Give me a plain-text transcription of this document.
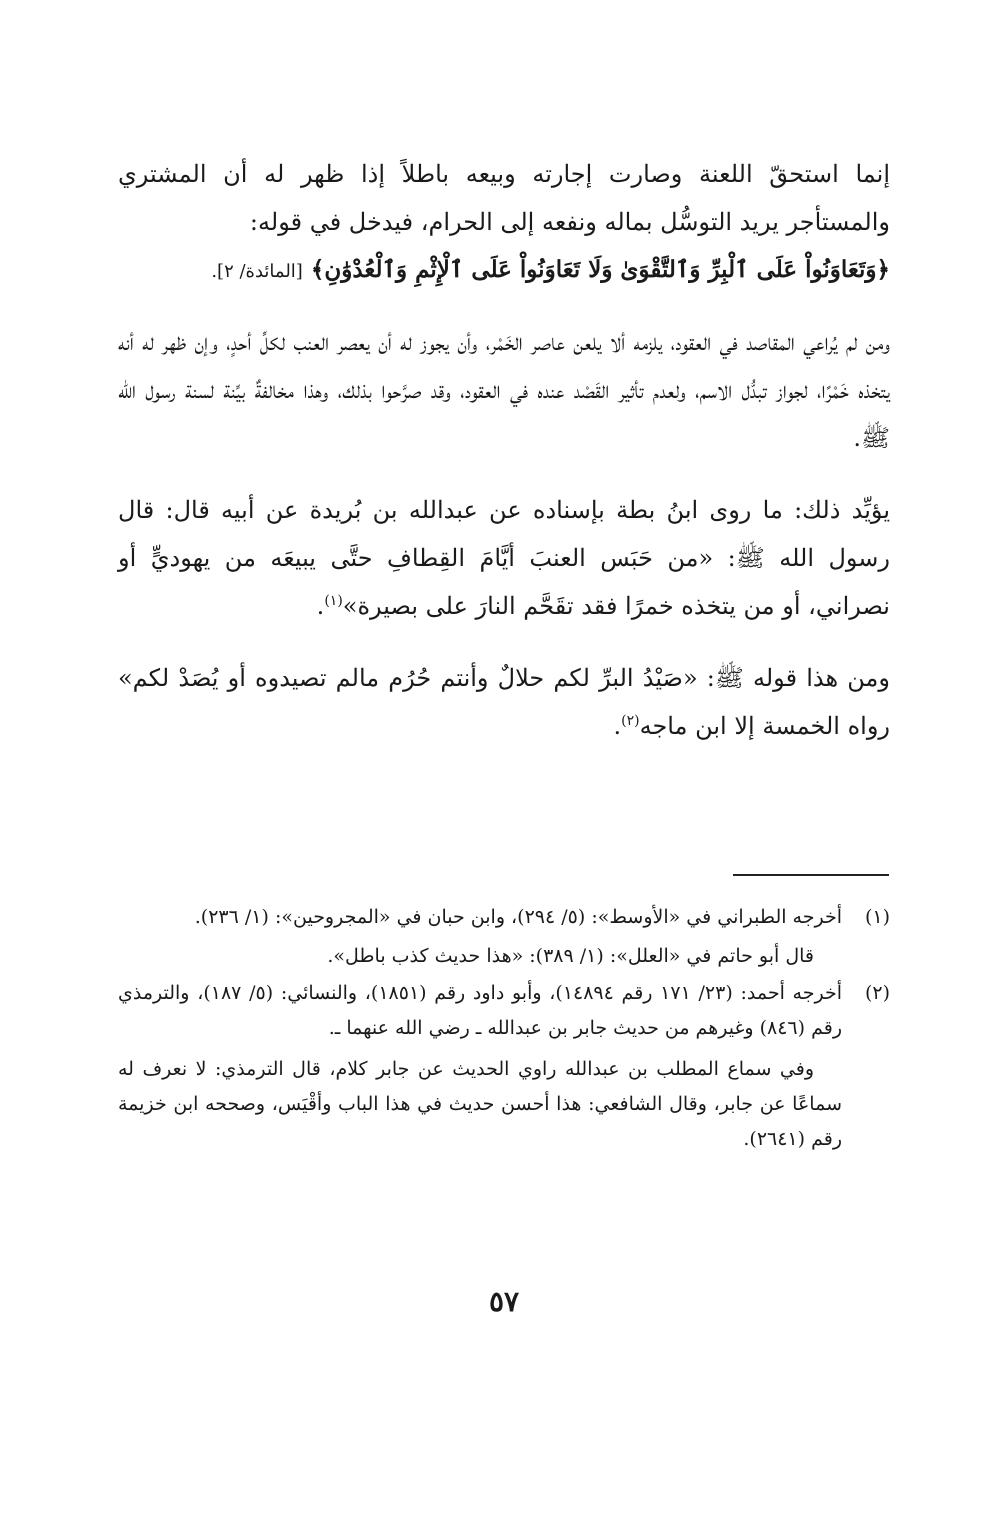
إنما استحقّ اللعنة وصارت إجارته وبيعه باطلاً إذا ظهر له أن المشتري والمستأجر يريد التوسُّل بماله ونفعه إلى الحرام، فيدخل في قوله:
﴿وَتَعَاوَنُواْ عَلَى ٱلْبِرِّ وَٱلتَّقْوَىٰ وَلَا تَعَاوَنُواْ عَلَى ٱلْإِثْمِ وَٱلْعُدْوَٰنِ﴾ [المائدة/ ٢].

ومن لم يُراعي المقاصد في العقود، يلزمه ألا يلعن عاصر الخَمْر، وأن يجوز له أن يعصر العنب لكلِّ أحدٍ، وإن ظهر له أنه يتخذه خَمْرًا، لجواز تبدُّل الاسم، ولعدم تأثير القَصْد عنده في العقود، وقد صرَّحوا بذلك، وهذا مخالفةٌ بيِّنة لسنة رسول الله ﷺ.

يؤيِّد ذلك: ما روى ابنُ بطة بإسناده عن عبدالله بن بُريدة عن أبيه قال: قال رسول الله ﷺ: «من حَبَس العنبَ أيَّامَ القِطافِ حتَّى يبيعَه من يهوديٍّ أو نصراني، أو من يتخذه خمرًا فقد تقَحَّم النارَ على بصيرة»$^{(١)}$.

ومن هذا قوله ﷺ: «صَيْدُ البرِّ لكم حلالٌ وأنتم حُرُم مالم تصيدوه أو يُصَدْ لكم» رواه الخمسة إلا ابن ماجه$^{(٢)}$.

(١)
أخرجه الطبراني في «الأوسط»: (٥/ ٢٩٤)، وابن حبان في «المجروحين»: (١/ ٢٣٦).
قال أبو حاتم في «العلل»: (١/ ٣٨٩): «هذا حديث كذب باطل».
(٢)
أخرجه أحمد: (٢٣/ ١٧١ رقم ١٤٨٩٤)، وأبو داود رقم (١٨٥١)، والنسائي: (٥/ ١٨٧)، والترمذي رقم (٨٤٦) وغيرهم من حديث جابر بن عبدالله ـ رضي الله عنهما ـ.
وفي سماع المطلب بن عبدالله راوي الحديث عن جابر كلام، قال الترمذي: لا نعرف له سماعًا عن جابر، وقال الشافعي: هذا أحسن حديث في هذا الباب وأقْيَس، وصححه ابن خزيمة رقم (٢٦٤١).
٥٧
